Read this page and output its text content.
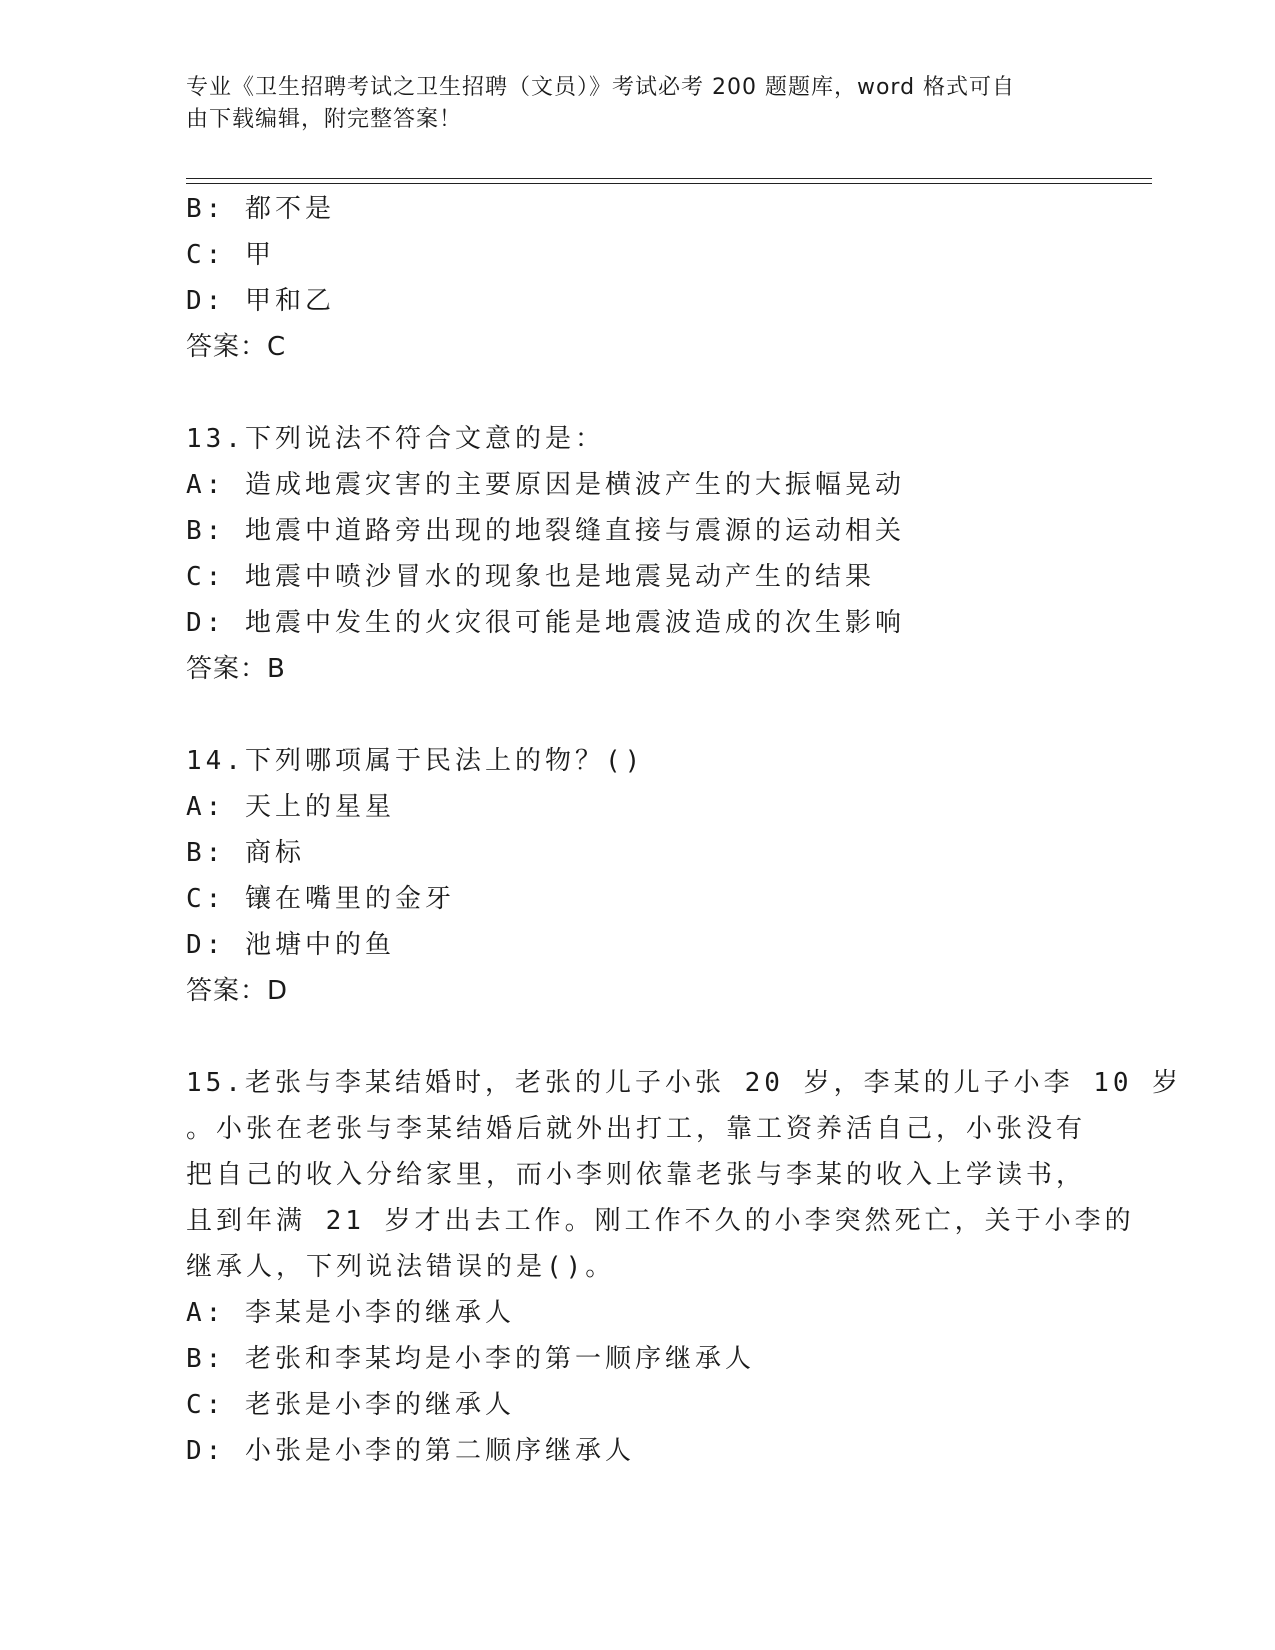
专业《卫生招聘考试之卫生招聘（文员）》考试必考 200 题题库，word 格式可自
由下载编辑，附完整答案！
B: 都不是
C: 甲
D: 甲和乙
答案：C
13.下列说法不符合文意的是：
A: 造成地震灾害的主要原因是横波产生的大振幅晃动
B: 地震中道路旁出现的地裂缝直接与震源的运动相关
C: 地震中喷沙冒水的现象也是地震晃动产生的结果
D: 地震中发生的火灾很可能是地震波造成的次生影响
答案：B
14.下列哪项属于民法上的物？()
A: 天上的星星
B: 商标
C: 镶在嘴里的金牙
D: 池塘中的鱼
答案：D
15.老张与李某结婚时，老张的儿子小张 20 岁，李某的儿子小李 10 岁
。小张在老张与李某结婚后就外出打工，靠工资养活自己，小张没有
把自己的收入分给家里，而小李则依靠老张与李某的收入上学读书，
且到年满 21 岁才出去工作。刚工作不久的小李突然死亡，关于小李的
继承人，下列说法错误的是()。
A: 李某是小李的继承人
B: 老张和李某均是小李的第一顺序继承人
C: 老张是小李的继承人
D: 小张是小李的第二顺序继承人
